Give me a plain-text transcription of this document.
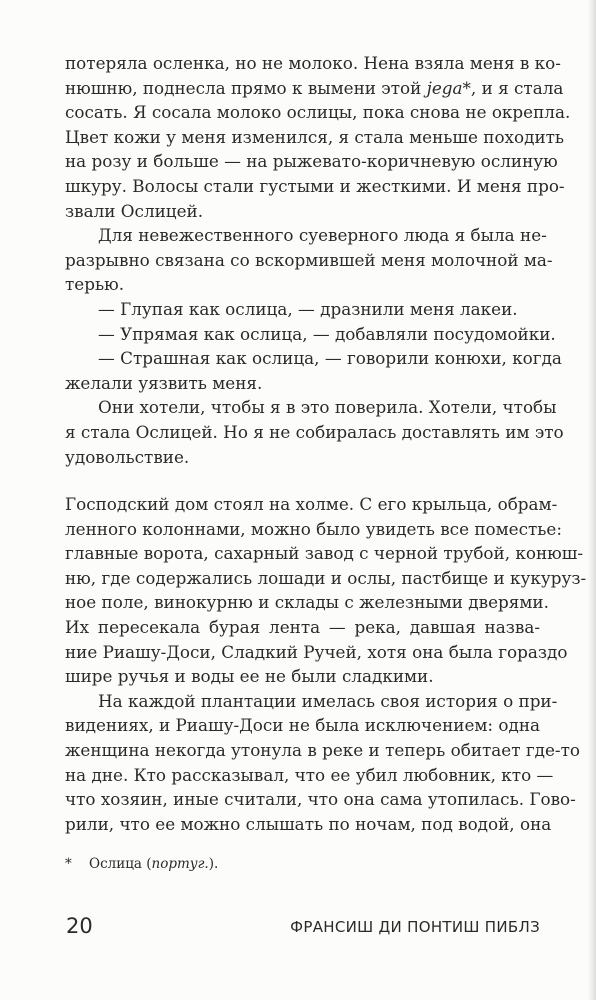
потеряла осленка, но не молоко. Нена взяла меня в ко-
нюшню, поднесла прямо к вымени этой jega*, и я стала
сосать. Я сосала молоко ослицы, пока снова не окрепла.
Цвет кожи у меня изменился, я стала меньше походить
на розу и больше — на рыжевато-коричневую ослиную
шкуру. Волосы стали густыми и жесткими. И меня про-
звали Ослицей.
Для невежественного суеверного люда я была не-
разрывно связана со вскормившей меня молочной ма-
терью.
— Глупая как ослица, — дразнили меня лакеи.
— Упрямая как ослица, — добавляли посудомойки.
— Страшная как ослица, — говорили конюхи, когда
желали уязвить меня.
Они хотели, чтобы я в это поверила. Хотели, чтобы
я стала Ослицей. Но я не собиралась доставлять им это
удовольствие.
Господский дом стоял на холме. С его крыльца, обрам-
ленного колоннами, можно было увидеть все поместье:
главные ворота, сахарный завод с черной трубой, конюш-
ню, где содержались лошади и ослы, пастбище и кукуруз-
ное поле, винокурню и склады с железными дверями.
Их пересекала бурая лента — река, давшая назва-
ние Риашу-Доси, Сладкий Ручей, хотя она была гораздо
шире ручья и воды ее не были сладкими.
На каждой плантации имелась своя история о при-
видениях, и Риашу-Доси не была исключением: одна
женщина некогда утонула в реке и теперь обитает где-то
на дне. Кто рассказывал, что ее убил любовник, кто —
что хозяин, иные считали, что она сама утопилась. Гово-
рили, что ее можно слышать по ночам, под водой, она
* Ослица (португ.).
20	ФРАНСИШ ДИ ПОНТИШ ПИБЛЗ
